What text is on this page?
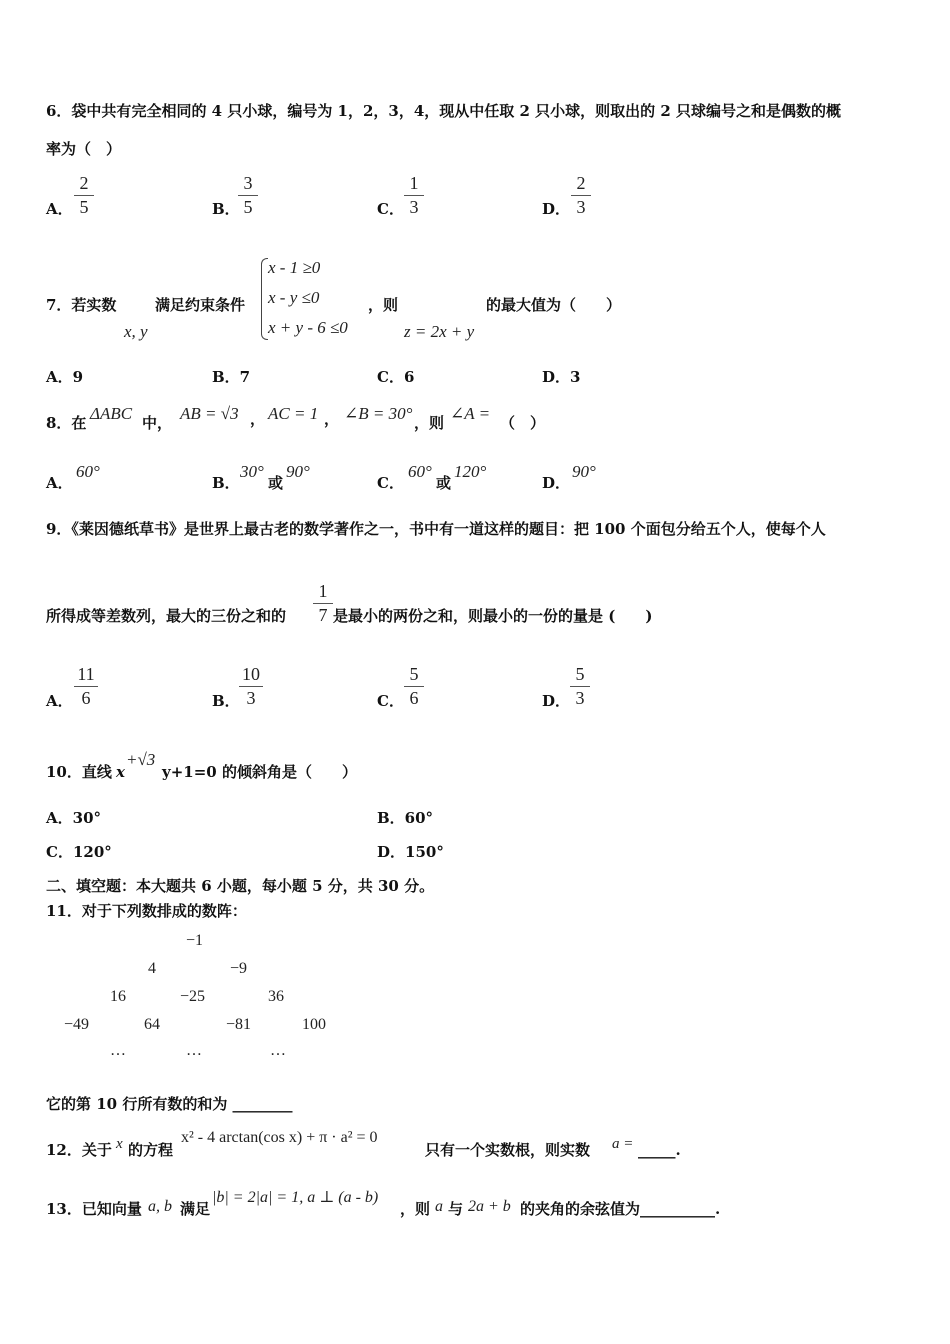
6．袋中共有完全相同的 4 只小球，编号为 1，2，3，4，现从中任取 2 只小球，则取出的 2 只球编号之和是偶数的概
率为（　）
A．
2
5	B．
3
5	C．
1
3	D．
2
3
7．若实数
x, y
满足约束条件
x - 1 ≥0
x - y ≤0
x + y - 6 ≤0
，则
z = 2x + y
的最大值为（　　）
A．9	B．7	C．6	D．3
8．在 ΔABC 中， AB = √3 ， AC = 1 ， ∠B = 30° ，则 ∠A = （　）
A．
60°
B．
30°
或
90°
C．
60°
或
120°
D．
90°
9．《莱因德纸草书》是世界上最古老的数学著作之一，书中有一道这样的题目：把 100 个面包分给五个人，使每个人
所得成等差数列，最大的三份之和的
1
7 是最小的两份之和，则最小的一份的量是 (　　)
A．
11
6	B．
10
3	C．
5
6	D．
5
3
10．直线 x
+√3
y+1=0 的倾斜角是（　　）
A．30°	B．60°
C．120°	D．150°
二、填空题：本大题共 6 小题，每小题 5 分，共 30 分。
11．对于下列数排成的数阵：
−1
4	−9
16	−25	36
−49	64	−81	100
…	…	…
它的第 10 行所有数的和为 ________
12．关于 x 的方程
x² - 4 arctan(cos x) + π · a² = 0
只有一个实数根，则实数 a = _____.
13．已知向量 a, b 满足
|b| = 2|a| = 1, a ⊥ (a - b)
，则 a 与 2a + b 的夹角的余弦值为__________.
